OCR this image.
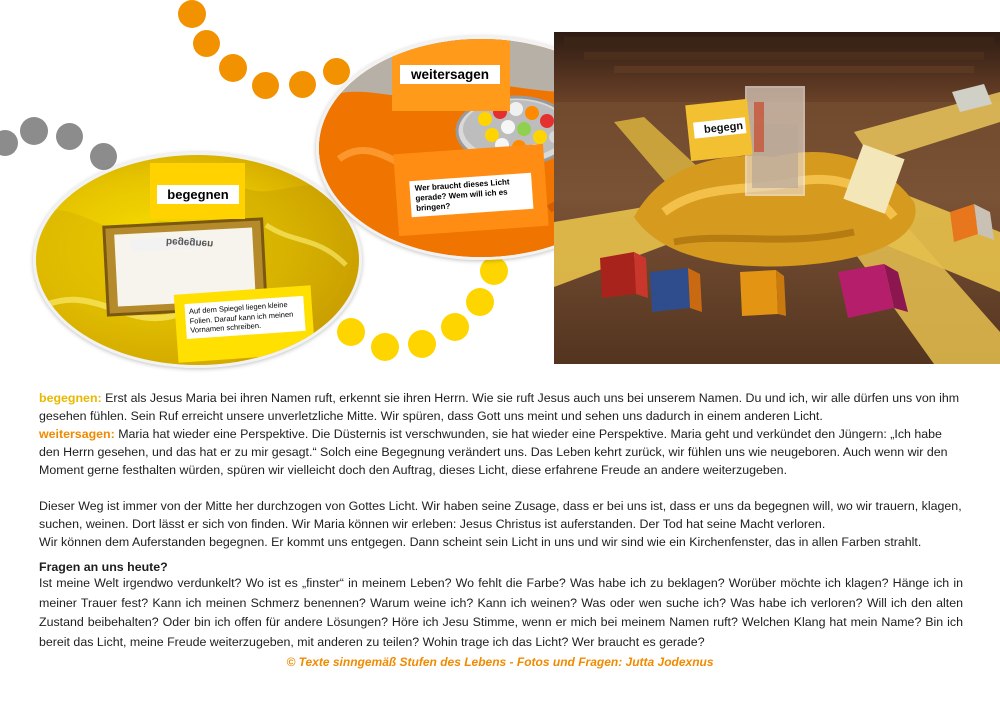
begegnen
begegnen
Auf dem Spiegel liegen kleine Folien. Darauf kann ich meinen Vornamen schreiben.
weitersagen
Wer braucht dieses Licht gerade? Wem will ich es bringen?
begegn

begegnen: Erst als Jesus Maria bei ihren Namen ruft, erkennt sie ihren Herrn. Wie sie ruft Jesus auch uns bei unserem Namen. Du und ich, wir alle dürfen uns von ihm gesehen fühlen. Sein Ruf erreicht unsere unverletzliche Mitte. Wir spüren, dass Gott uns meint und sehen uns dadurch in einem anderen Licht.

weitersagen: Maria hat wieder eine Perspektive. Die Düsternis ist verschwunden, sie hat wieder eine Perspektive. Maria geht und verkündet den Jüngern: „Ich habe den Herrn gesehen, und das hat er zu mir gesagt.“ Solch eine Begegnung verändert uns. Das Leben kehrt zurück, wir fühlen uns wie neugeboren. Auch wenn wir den Moment gerne festhalten würden, spüren wir vielleicht doch den Auftrag, dieses Licht, diese erfahrene Freude an andere weiterzugeben.

Dieser Weg ist immer von der Mitte her durchzogen von Gottes Licht. Wir haben seine Zusage, dass er bei uns ist, dass er uns da begegnen will, wo wir trauern, klagen, suchen, weinen. Dort lässt er sich von finden. Wir Maria können wir erleben: Jesus Christus ist auferstanden. Der Tod hat seine Macht verloren.

Wir können dem Auferstanden begegnen. Er kommt uns entgegen. Dann scheint sein Licht in uns und wir sind wie ein Kirchenfenster, das in allen Farben strahlt.

Fragen an uns heute?
Ist meine Welt irgendwo verdunkelt? Wo ist es „finster“ in meinem Leben? Wo fehlt die Farbe? Was habe ich zu beklagen? Worüber möchte ich klagen? Hänge ich in meiner Trauer fest? Kann ich meinen Schmerz benennen? Warum weine ich? Kann ich weinen? Was oder wen suche ich? Was habe ich verloren? Will ich den alten Zustand beibehalten? Oder bin ich offen für andere Lösungen? Höre ich Jesu Stimme, wenn er mich bei meinem Namen ruft? Welchen Klang hat mein Name? Bin ich bereit das Licht, meine Freude weiterzugeben, mit anderen zu teilen? Wohin trage ich das Licht? Wer braucht es gerade?
© Texte sinngemäß Stufen des Lebens - Fotos und Fragen: Jutta Jodexnus
